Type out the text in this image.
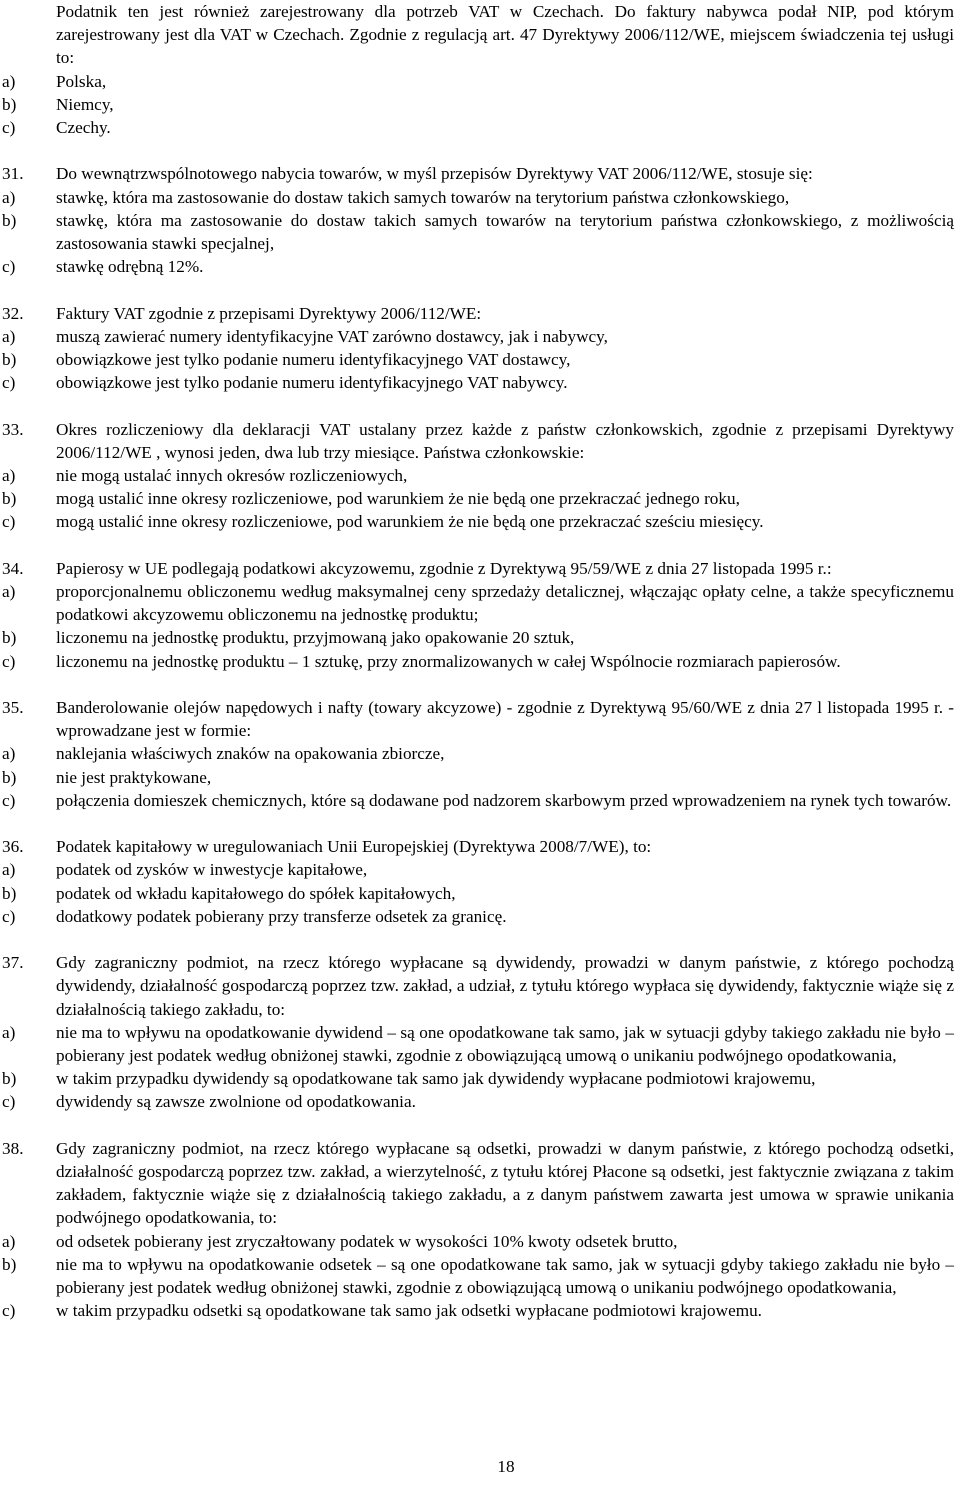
Podatnik ten jest również zarejestrowany dla potrzeb VAT w Czechach. Do faktury nabywca podał NIP, pod którym zarejestrowany jest dla VAT w Czechach. Zgodnie z regulacją art. 47 Dyrektywy 2006/112/WE, miejscem świadczenia tej usługi to:
a)	Polska,
b)	Niemcy,
c)	Czechy.
31.	Do wewnątrzwspólnotowego nabycia towarów, w myśl przepisów Dyrektywy VAT 2006/112/WE, stosuje się:
a)	stawkę, która ma zastosowanie do dostaw takich samych towarów na terytorium państwa członkowskiego,
b)	stawkę, która ma zastosowanie do dostaw takich samych towarów na terytorium państwa członkowskiego, z możliwością zastosowania stawki specjalnej,
c)	stawkę odrębną 12%.
32.	Faktury VAT zgodnie z przepisami Dyrektywy 2006/112/WE:
a)	muszą zawierać numery identyfikacyjne VAT zarówno dostawcy, jak i nabywcy,
b)	obowiązkowe jest tylko podanie numeru identyfikacyjnego VAT dostawcy,
c)	obowiązkowe jest tylko podanie numeru identyfikacyjnego VAT nabywcy.
33.	Okres rozliczeniowy dla deklaracji VAT ustalany przez każde z państw członkowskich, zgodnie z przepisami Dyrektywy 2006/112/WE , wynosi jeden, dwa lub trzy miesiące. Państwa członkowskie:
a)	nie mogą ustalać innych okresów rozliczeniowych,
b)	mogą ustalić inne okresy rozliczeniowe, pod warunkiem że nie będą one przekraczać jednego roku,
c)	mogą ustalić inne okresy rozliczeniowe, pod warunkiem że nie będą one przekraczać sześciu miesięcy.
34.	Papierosy w UE podlegają podatkowi akcyzowemu, zgodnie z Dyrektywą 95/59/WE z dnia 27 listopada 1995 r.:
a)	proporcjonalnemu obliczonemu według maksymalnej ceny sprzedaży detalicznej, włączając opłaty celne, a także specyficznemu podatkowi akcyzowemu obliczonemu na jednostkę produktu;
b)	liczonemu na jednostkę produktu, przyjmowaną jako opakowanie 20 sztuk,
c)	liczonemu na jednostkę produktu – 1 sztukę, przy znormalizowanych w całej Wspólnocie rozmiarach papierosów.
35.	Banderolowanie olejów napędowych i nafty (towary akcyzowe) - zgodnie z Dyrektywą 95/60/WE z dnia 27 l listopada 1995 r. - wprowadzane jest w formie:
a)	naklejania właściwych znaków na opakowania zbiorcze,
b)	nie jest praktykowane,
c)	połączenia domieszek chemicznych, które są dodawane pod nadzorem skarbowym przed wprowadzeniem na rynek tych towarów.
36.	Podatek kapitałowy w uregulowaniach Unii Europejskiej (Dyrektywa 2008/7/WE), to:
a)	podatek od zysków w inwestycje kapitałowe,
b)	podatek od wkładu kapitałowego do spółek kapitałowych,
c)	dodatkowy podatek pobierany przy transferze odsetek za granicę.
37.	Gdy zagraniczny podmiot, na rzecz którego wypłacane są dywidendy, prowadzi w danym państwie, z którego pochodzą dywidendy, działalność gospodarczą poprzez tzw. zakład, a udział, z tytułu którego wypłaca się dywidendy, faktycznie wiąże się z działalnością takiego zakładu, to:
a)	nie ma to wpływu na opodatkowanie dywidend – są one opodatkowane tak samo, jak w sytuacji gdyby takiego zakładu nie było – pobierany jest podatek według obniżonej stawki, zgodnie z obowiązującą umową o unikaniu podwójnego opodatkowania,
b)	w takim przypadku dywidendy są opodatkowane tak samo jak dywidendy wypłacane podmiotowi krajowemu,
c)	dywidendy są zawsze zwolnione od opodatkowania.
38.	Gdy zagraniczny podmiot, na rzecz którego wypłacane są odsetki, prowadzi w danym państwie, z którego pochodzą odsetki, działalność gospodarczą poprzez tzw. zakład, a wierzytelność, z tytułu której Płacone są odsetki, jest faktycznie związana z takim zakładem, faktycznie wiąże się z działalnością takiego zakładu, a z danym państwem zawarta jest umowa w sprawie unikania podwójnego opodatkowania, to:
a)	od odsetek pobierany jest zryczałtowany podatek w wysokości 10% kwoty odsetek brutto,
b)	nie ma to wpływu na opodatkowanie odsetek – są one opodatkowane tak samo, jak w sytuacji gdyby takiego zakładu nie było – pobierany jest podatek według obniżonej stawki, zgodnie z obowiązującą umową o unikaniu podwójnego opodatkowania,
c)	w takim przypadku odsetki są opodatkowane tak samo jak odsetki wypłacane podmiotowi krajowemu.
18
